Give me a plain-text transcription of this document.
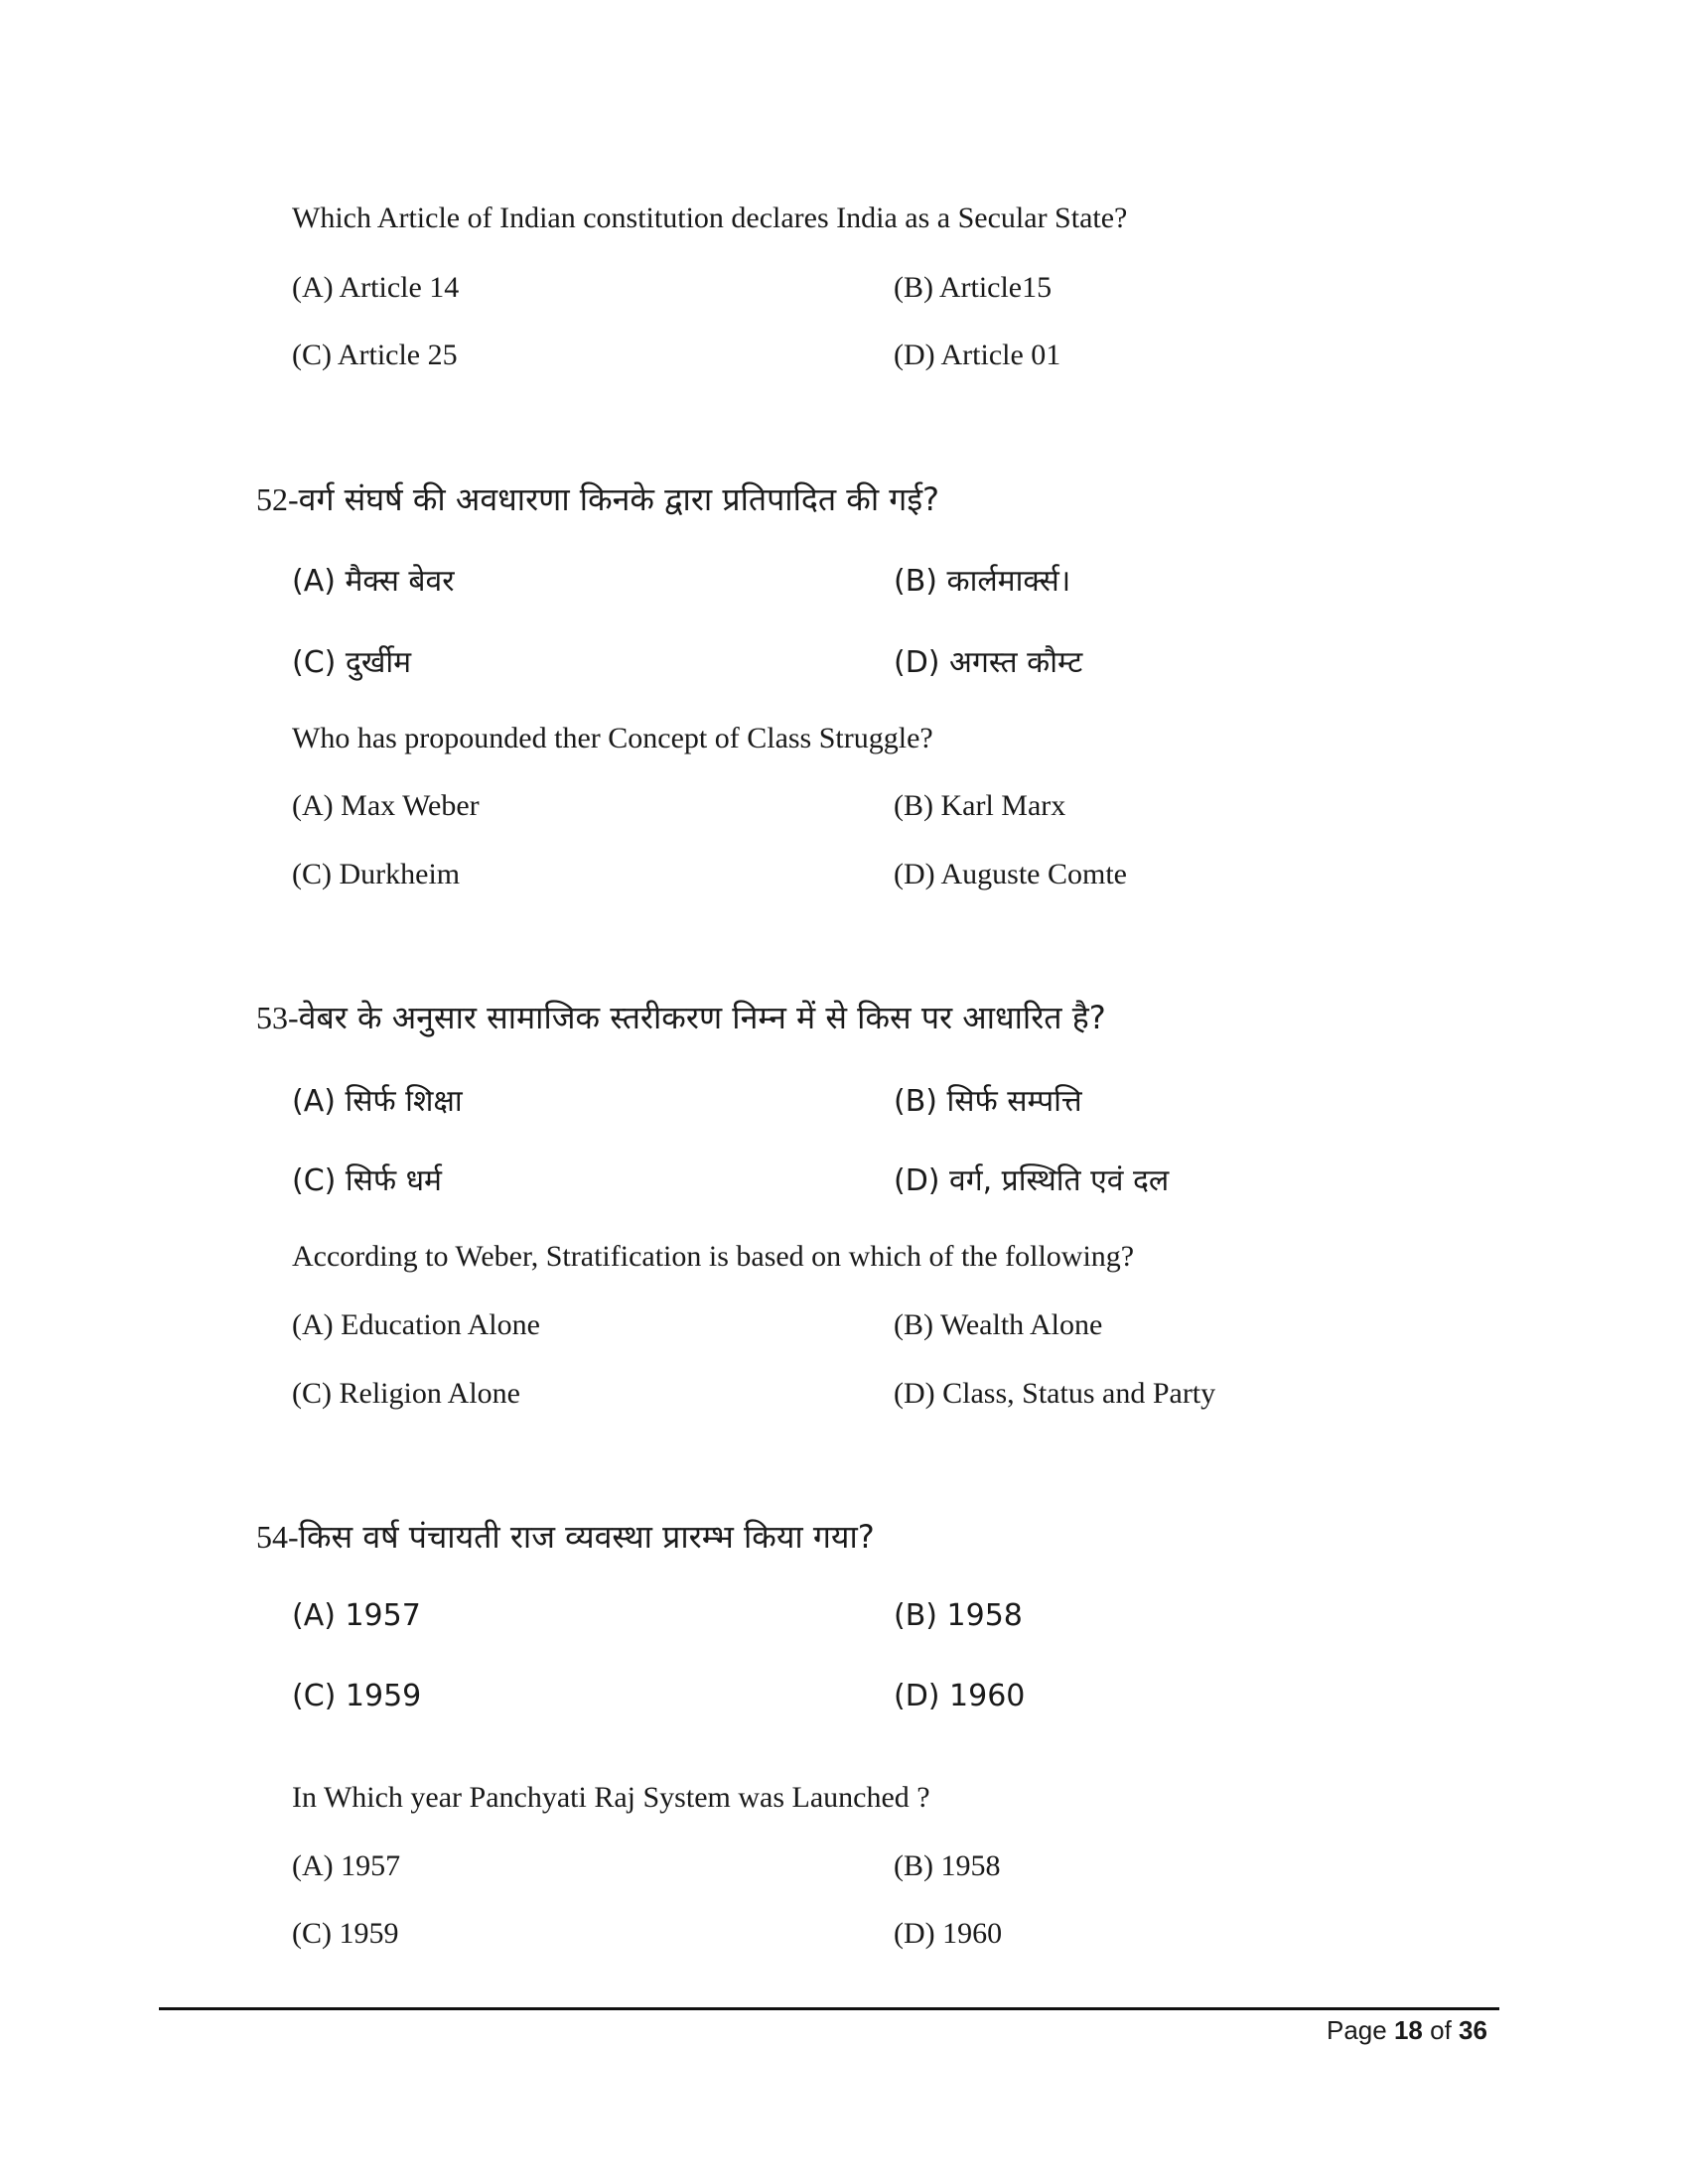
Which Article of Indian constitution declares India as a Secular State?
(A) Article 14	(B) Article15
(C) Article 25	(D) Article 01
52-वर्ग संघर्ष की अवधारणा किनके द्वारा प्रतिपादित की गई?
(A) मैक्स बेवर	(B) कार्लमार्क्स।
(C) दुर्खीम	(D) अगस्त कौम्ट
Who has propounded ther Concept of Class Struggle?
(A) Max Weber	(B) Karl Marx
(C) Durkheim	(D) Auguste Comte
53-वेबर के अनुसार सामाजिक स्तरीकरण निम्न में से किस पर आधारित है?
(A) सिर्फ शिक्षा	(B) सिर्फ सम्पत्ति
(C) सिर्फ धर्म	(D) वर्ग, प्रस्थिति एवं दल
According to Weber, Stratification is based on which of the following?
(A) Education Alone	(B) Wealth Alone
(C) Religion Alone	(D) Class, Status and Party
54-किस वर्ष पंचायती राज व्यवस्था प्रारम्भ किया गया?
(A) 1957	(B) 1958
(C) 1959	(D) 1960
In Which year Panchyati Raj System was Launched ?
(A) 1957	(B) 1958
(C) 1959	(D) 1960
Page 18 of 36
